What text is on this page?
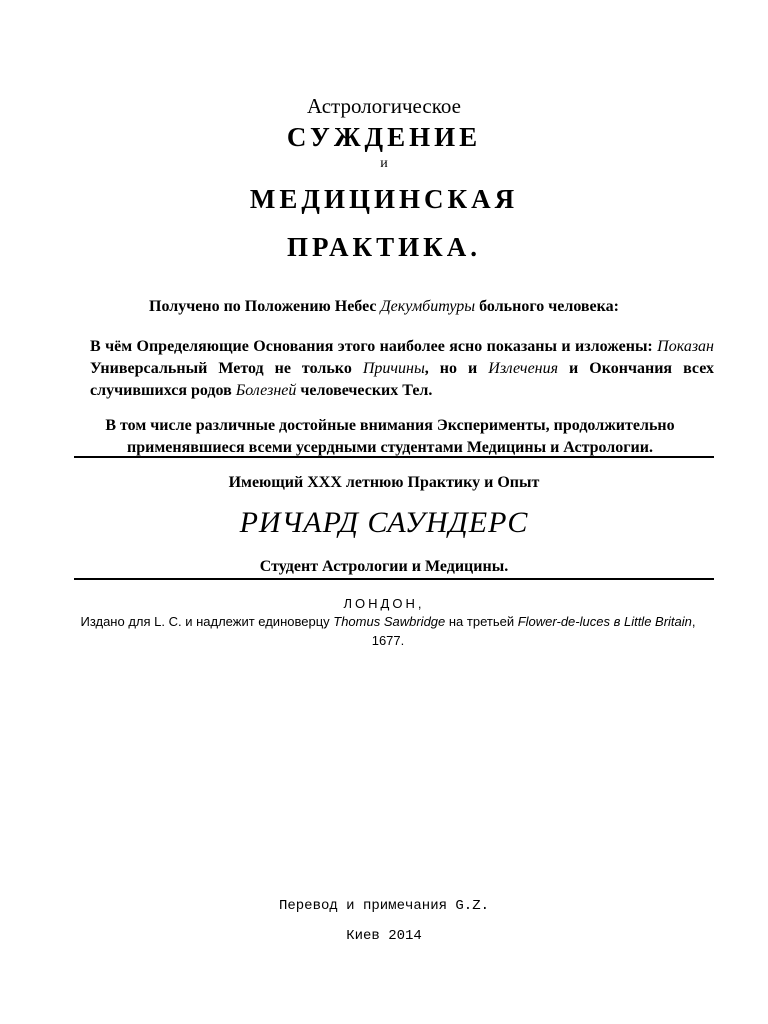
Астрологическое
СУЖДЕНИЕ
и
МЕДИЦИНСКАЯ
ПРАКТИКА.
Получено по Положению Небес Декумбитуры больного человека:
В чём Определяющие Основания этого наиболее ясно показаны и изложены: Показан Универсальный Метод не только Причины, но и Излечения и Окончания всех случившихся родов Болезней человеческих Тел.
В том числе различные достойные внимания Эксперименты, продолжительно применявшиеся всеми усердными студентами Медицины и Астрологии.
Имеющий XXX летнюю Практику и Опыт
РИЧАРД САУНДЕРС
Студент Астрологии и Медицины.
ЛОНДОН,
Издано для L. C. и надлежит единоверцу Thomus Sawbridge на третьей Flower-de-luces в Little Britain, 1677.
Перевод и примечания G.Z.
Киев 2014
